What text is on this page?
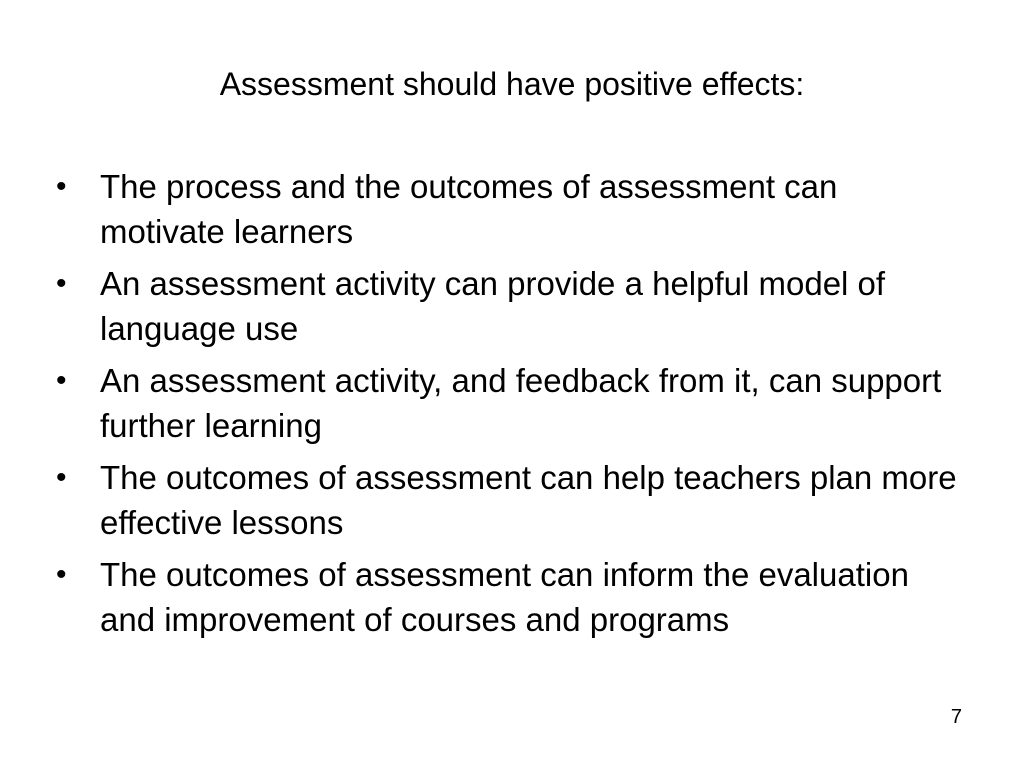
Assessment should have positive effects:
•	The process and the outcomes of assessment can motivate learners
•	An assessment activity can provide a helpful model of language use
•	An assessment activity, and feedback from it, can support further learning
•	The outcomes of assessment can help teachers plan more effective lessons
•	The outcomes of assessment can inform the evaluation and improvement of courses and programs
7
